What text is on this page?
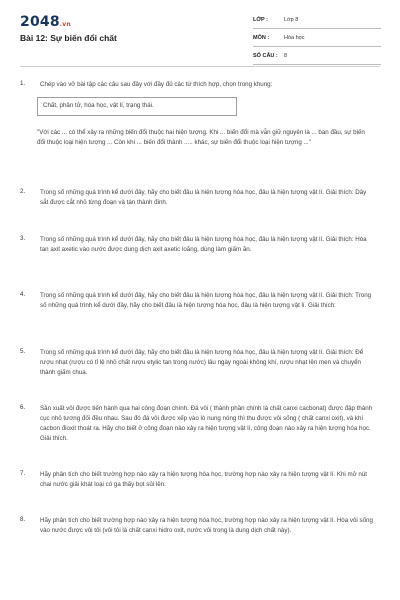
2048.vn
Bài 12: Sự biến đổi chất
LỚP :	Lớp 8
MÔN :	Hóa học
SỐ CÂU : 8
1. Chép vào vở bài tập các câu sau đây với đầy đủ các từ thích hợp, chọn trong khung:
Chất, phân tử, hóa học, vật lí, trạng thái.
"Với các ... có thể xảy ra những biến đổi thuộc hai hiện tượng. Khi ... biến đổi mà vẫn giữ nguyên là ... ban đầu, sự biến đổi thuộc loại hiện tượng ... Còn khi ... biến đổi thành ..... khác, sự biến đổi thuộc loại hiện tượng ..."
2. Trong số những quá trình kể dưới đây, hãy cho biết đâu là hiện tượng hóa học, đâu là hiện tượng vật lí. Giải thích: Dây sắt được cắt nhỏ từng đoạn và tán thành đinh.
3. Trong số những quá trình kể dưới đây, hãy cho biết đâu là hiện tượng hóa học, đâu là hiện tượng vật lí. Giải thích: Hòa tan axit axetic vào nước được dung dịch axit axetic loãng, dùng làm giấm ăn.
4. Trong số những quá trình kể dưới đây, hãy cho biết đâu là hiện tượng hóa học, đâu là hiện tượng vật lí. Giải thích: Trong số những quá trình kể dưới đây, hãy cho biết đâu là hiện tượng hóa học, đâu là hiện tượng vật lí. Giải thích:
5. Trong số những quá trình kể dưới đây, hãy cho biết đâu là hiện tượng hóa học, đâu là hiện tượng vật lí. Giải thích: Để rượu nhạt (rượu có tỉ lệ nhỏ chất rượu etylic tan trong nước) lâu ngày ngoài không khí, rượu nhạt lên men và chuyển thành giấm chua.
6. Sản xuất vôi được tiến hành qua hai công đoạn chính. Đá vôi ( thành phần chính là chất canxi cacbonat) được đập thành cục nhỏ tương đối đều nhau. Sau đó đá vôi được xếp vào lò nung nóng thì thu được vôi sống ( chất canxi oxit), và khí cacbon đioxit thoát ra. Hãy cho biết ở công đoạn nào xảy ra hiện tượng vật lí, công đoạn nào xảy ra hiện tượng hóa học. Giải thích.
7. Hãy phân tích cho biết trường hợp nào xảy ra hiện tượng hóa học, trường hợp nào xảy ra hiện tượng vật lí. Khi mở nút chai nước giải khát loại có ga thấy bọt sủi lên.
8. Hãy phân tích cho biết trường hợp nào xảy ra hiện tượng hóa học, trường hợp nào xảy ra hiện tượng vật lí. Hòa vôi sống vào nước được vôi tôi (vôi tôi là chất canxi hidro oxit, nước vôi trong là dung dịch chất này).
